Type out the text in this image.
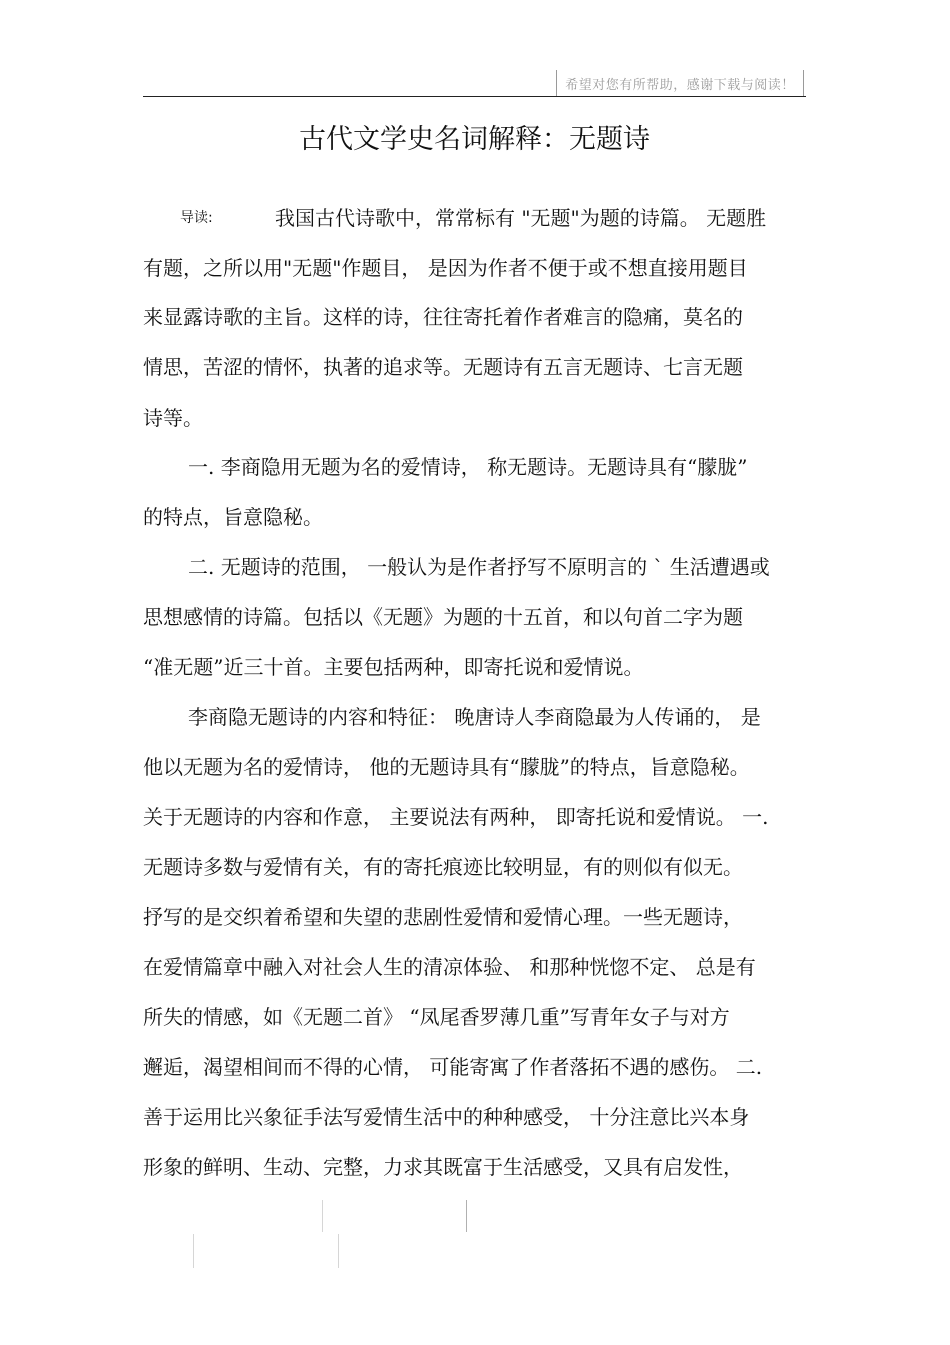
希望对您有所帮助，感谢下载与阅读！
古代文学史名词解释：无题诗
导读:	我国古代诗歌中，常常标有 "无题"为题的诗篇。 无题胜
有题，之所以用"无题"作题目， 是因为作者不便于或不想直接用题目
来显露诗歌的主旨。这样的诗，往往寄托着作者难言的隐痛，莫名的
情思，苦涩的情怀，执著的追求等。无题诗有五言无题诗、七言无题
诗等。
一. 李商隐用无题为名的爱情诗， 称无题诗。无题诗具有“朦胧”
的特点，旨意隐秘。
二. 无题诗的范围， 一般认为是作者抒写不原明言的 ` 生活遭遇或
思想感情的诗篇。包括以《无题》为题的十五首，和以句首二字为题
“准无题”近三十首。主要包括两种，即寄托说和爱情说。
李商隐无题诗的内容和特征： 晚唐诗人李商隐最为人传诵的， 是
他以无题为名的爱情诗， 他的无题诗具有“朦胧”的特点，旨意隐秘。
关于无题诗的内容和作意， 主要说法有两种， 即寄托说和爱情说。 一.
无题诗多数与爱情有关，有的寄托痕迹比较明显，有的则似有似无。
抒写的是交织着希望和失望的悲剧性爱情和爱情心理。一些无题诗，
在爱情篇章中融入对社会人生的清凉体验、 和那种恍惚不定、 总是有
所失的情感，如《无题二首》 “凤尾香罗薄几重”写青年女子与对方
邂逅，渴望相间而不得的心情， 可能寄寓了作者落拓不遇的感伤。 二.
善于运用比兴象征手法写爱情生活中的种种感受， 十分注意比兴本身
形象的鲜明、生动、完整，力求其既富于生活感受，又具有启发性，
